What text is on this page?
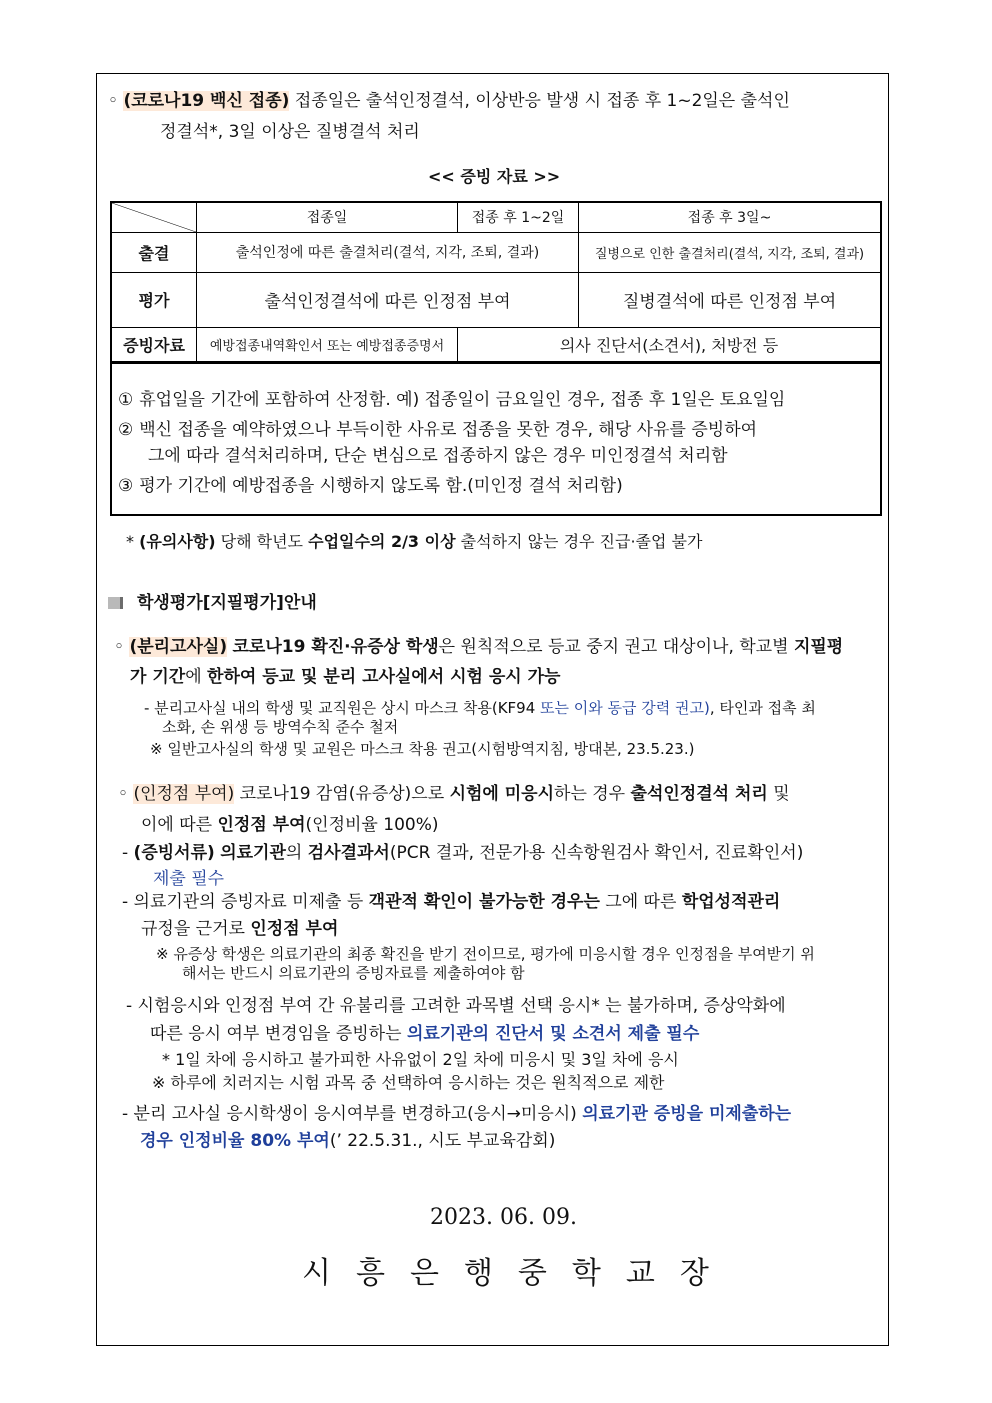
◦ (코로나19 백신 접종) 접종일은 출석인정결석, 이상반응 발생 시 접종 후 1~2일은 출석인
정결석*, 3일 이상은 질병결석 처리
<< 증빙 자료 >>
	접종일	접종 후 1~2일	접종 후 3일~
출결	출석인정에 따른 출결처리(결석, 지각, 조퇴, 결과)		질병으로 인한 출결처리(결석, 지각, 조퇴, 결과)
평가	출석인정결석에 따른 인정점 부여		질병결석에 따른 인정점 부여
증빙자료	예방접종내역확인서 또는 예방접종증명서	의사 진단서(소견서), 처방전 등	
① 휴업일을 기간에 포함하여 산정함. 예) 접종일이 금요일인 경우, 접종 후 1일은 토요일임
② 백신 접종을 예약하였으나 부득이한 사유로 접종을 못한 경우, 해당 사유를 증빙하여
그에 따라 결석처리하며, 단순 변심으로 접종하지 않은 경우 미인정결석 처리함
③ 평가 기간에 예방접종을 시행하지 않도록 함.(미인정 결석 처리함)
* (유의사항) 당해 학년도 수업일수의 2/3 이상 출석하지 않는 경우 진급·졸업 불가
학생평가[지필평가]안내
◦ (분리고사실) 코로나19 확진·유증상 학생은 원칙적으로 등교 중지 권고 대상이나, 학교별 지필평
가 기간에 한하여 등교 및 분리 고사실에서 시험 응시 가능
- 분리고사실 내의 학생 및 교직원은 상시 마스크 착용(KF94 또는 이와 동급 강력 권고), 타인과 접촉 최
소화, 손 위생 등 방역수칙 준수 철저
※ 일반고사실의 학생 및 교원은 마스크 착용 권고(시험방역지침, 방대본, 23.5.23.)
◦ (인정점 부여) 코로나19 감염(유증상)으로 시험에 미응시하는 경우 출석인정결석 처리 및
이에 따른 인정점 부여(인정비율 100%)
- (증빙서류) 의료기관의 검사결과서(PCR 결과, 전문가용 신속항원검사 확인서, 진료확인서)
제출 필수
- 의료기관의 증빙자료 미제출 등 객관적 확인이 불가능한 경우는 그에 따른 학업성적관리
규정을 근거로 인정점 부여
※ 유증상 학생은 의료기관의 최종 확진을 받기 전이므로, 평가에 미응시할 경우 인정점을 부여받기 위
해서는 반드시 의료기관의 증빙자료를 제출하여야 함
- 시험응시와 인정점 부여 간 유불리를 고려한 과목별 선택 응시* 는 불가하며, 증상악화에
따른 응시 여부 변경임을 증빙하는 의료기관의 진단서 및 소견서 제출 필수
* 1일 차에 응시하고 불가피한 사유없이 2일 차에 미응시 및 3일 차에 응시
※ 하루에 치러지는 시험 과목 중 선택하여 응시하는 것은 원칙적으로 제한
- 분리 고사실 응시학생이 응시여부를 변경하고(응시→미응시) 의료기관 증빙을 미제출하는
경우 인정비율 80% 부여(’ 22.5.31., 시도 부교육감회)
2023. 06. 09.
시흥은행중학교장
